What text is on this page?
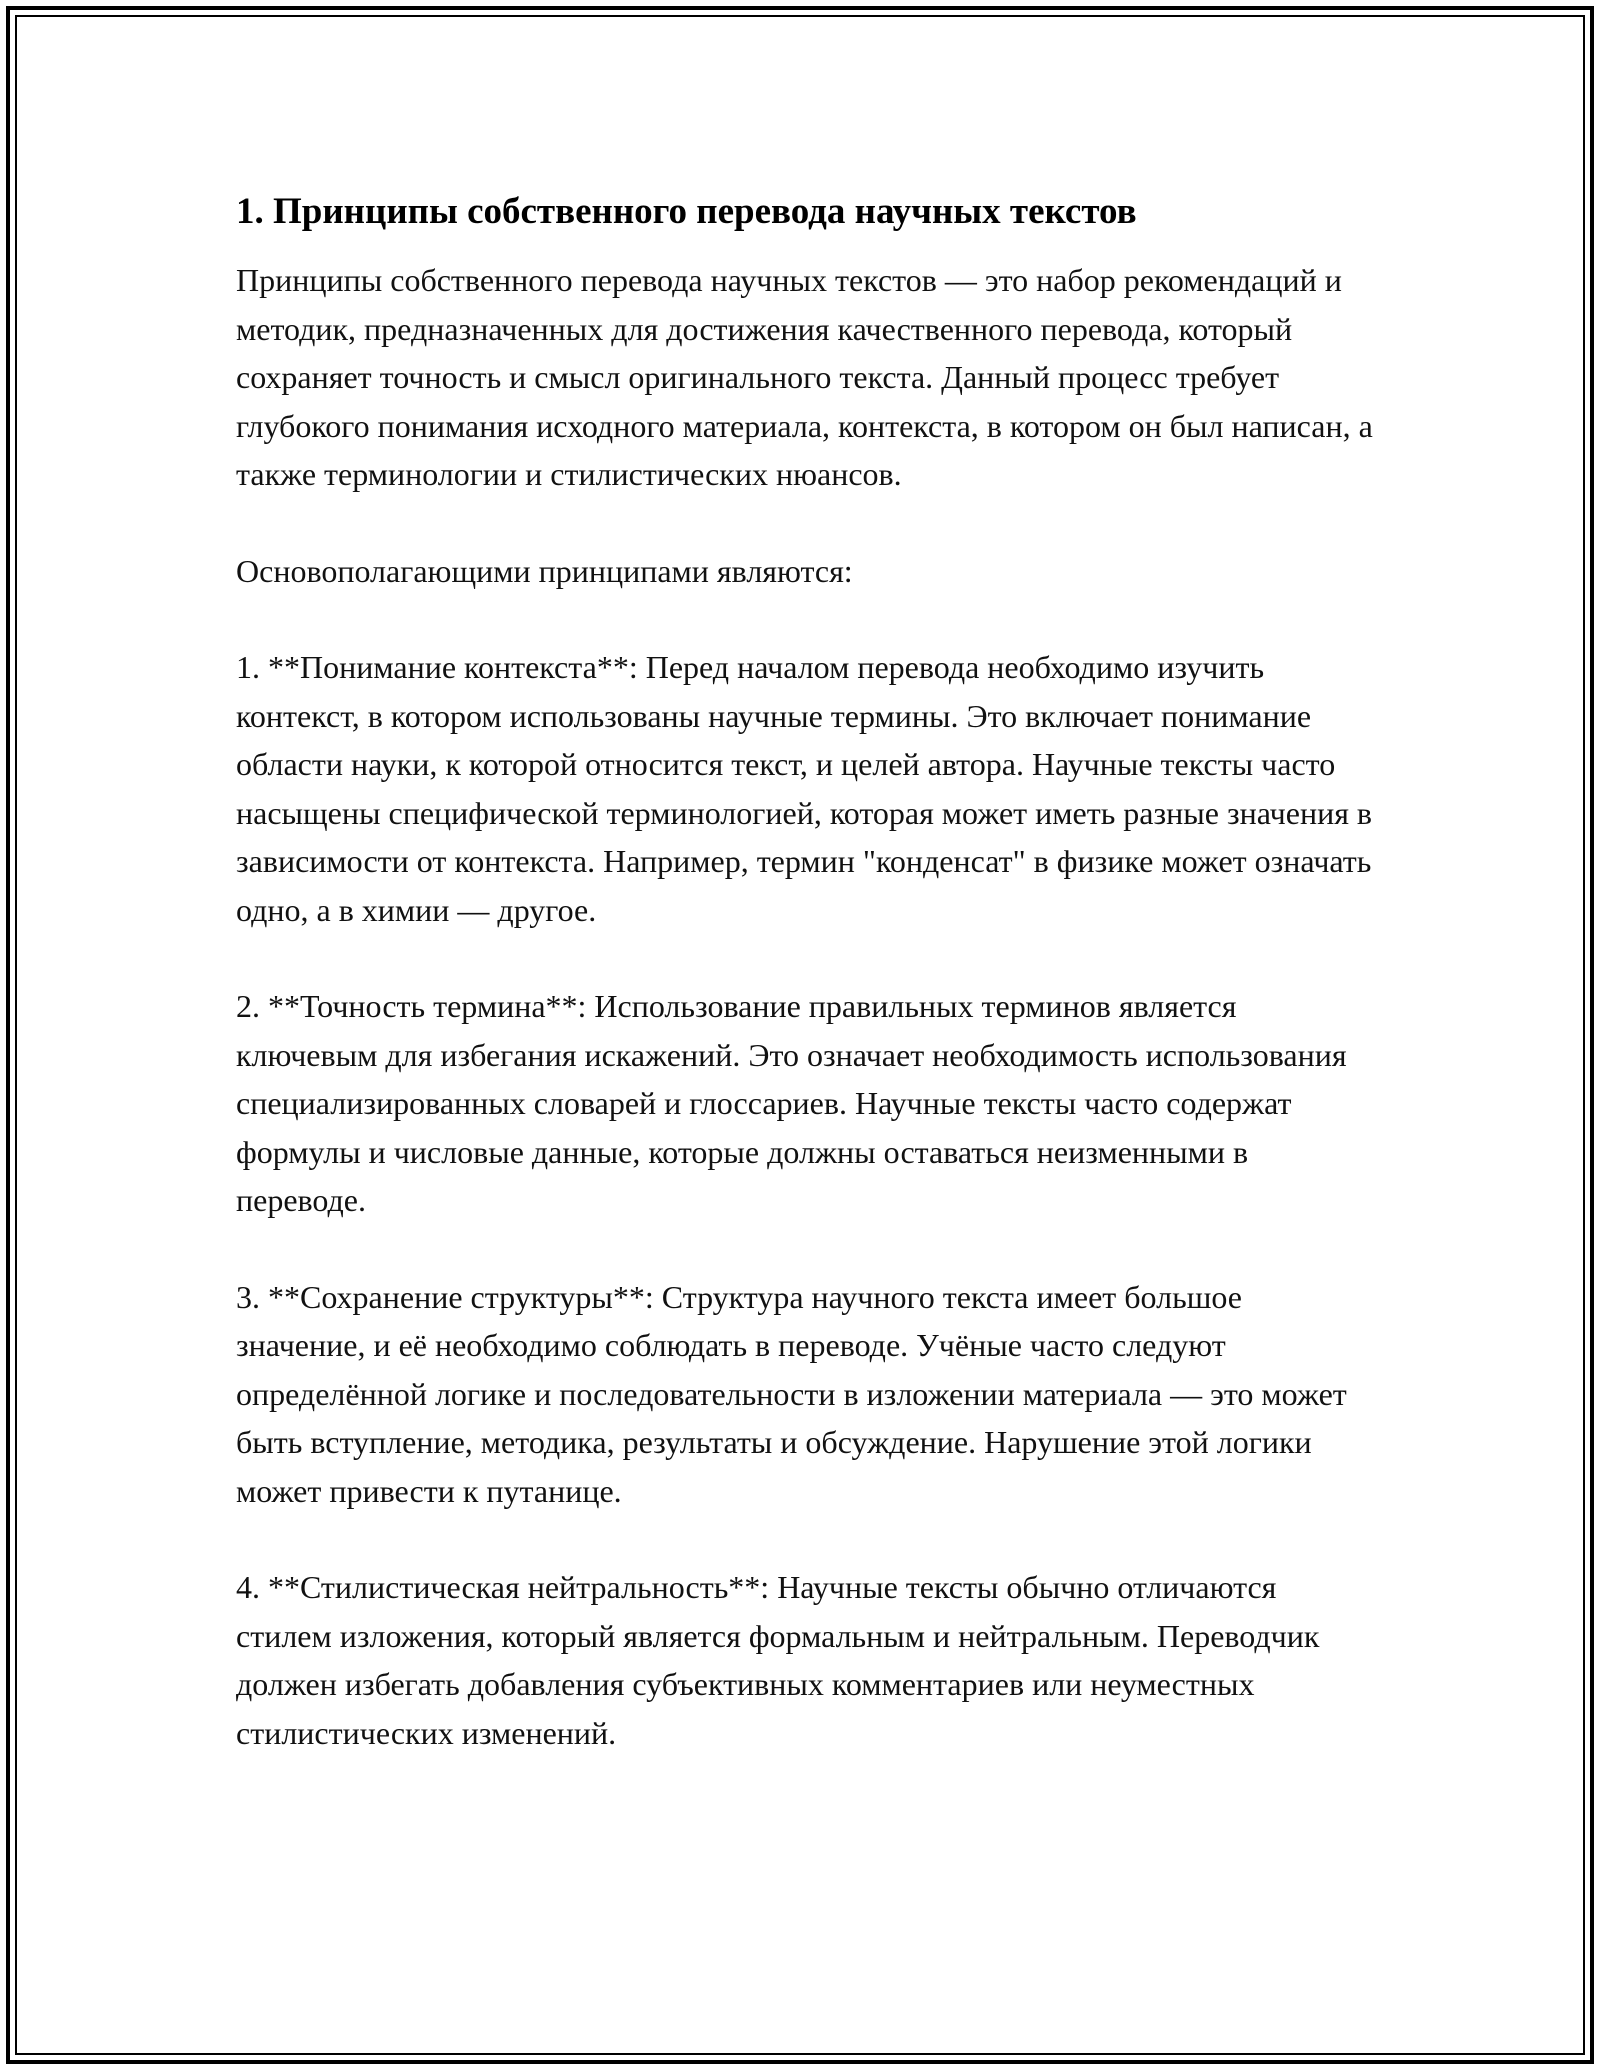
1. Принципы собственного перевода научных текстов

Принципы собственного перевода научных текстов — это набор рекомендаций и методик, предназначенных для достижения качественного перевода, который сохраняет точность и смысл оригинального текста. Данный процесс требует глубокого понимания исходного материала, контекста, в котором он был написан, а также терминологии и стилистических нюансов.

Основополагающими принципами являются:

1. **Понимание контекста**: Перед началом перевода необходимо изучить контекст, в котором использованы научные термины. Это включает понимание области науки, к которой относится текст, и целей автора. Научные тексты часто насыщены специфической терминологией, которая может иметь разные значения в зависимости от контекста. Например, термин "конденсат" в физике может означать одно, а в химии — другое.

2. **Точность термина**: Использование правильных терминов является ключевым для избегания искажений. Это означает необходимость использования специализированных словарей и глоссариев. Научные тексты часто содержат формулы и числовые данные, которые должны оставаться неизменными в переводе.

3. **Сохранение структуры**: Структура научного текста имеет большое значение, и её необходимо соблюдать в переводе. Учёные часто следуют определённой логике и последовательности в изложении материала — это может быть вступление, методика, результаты и обсуждение. Нарушение этой логики может привести к путанице.

4. **Стилистическая нейтральность**: Научные тексты обычно отличаются стилем изложения, который является формальным и нейтральным. Переводчик должен избегать добавления субъективных комментариев или неуместных стилистических изменений.
